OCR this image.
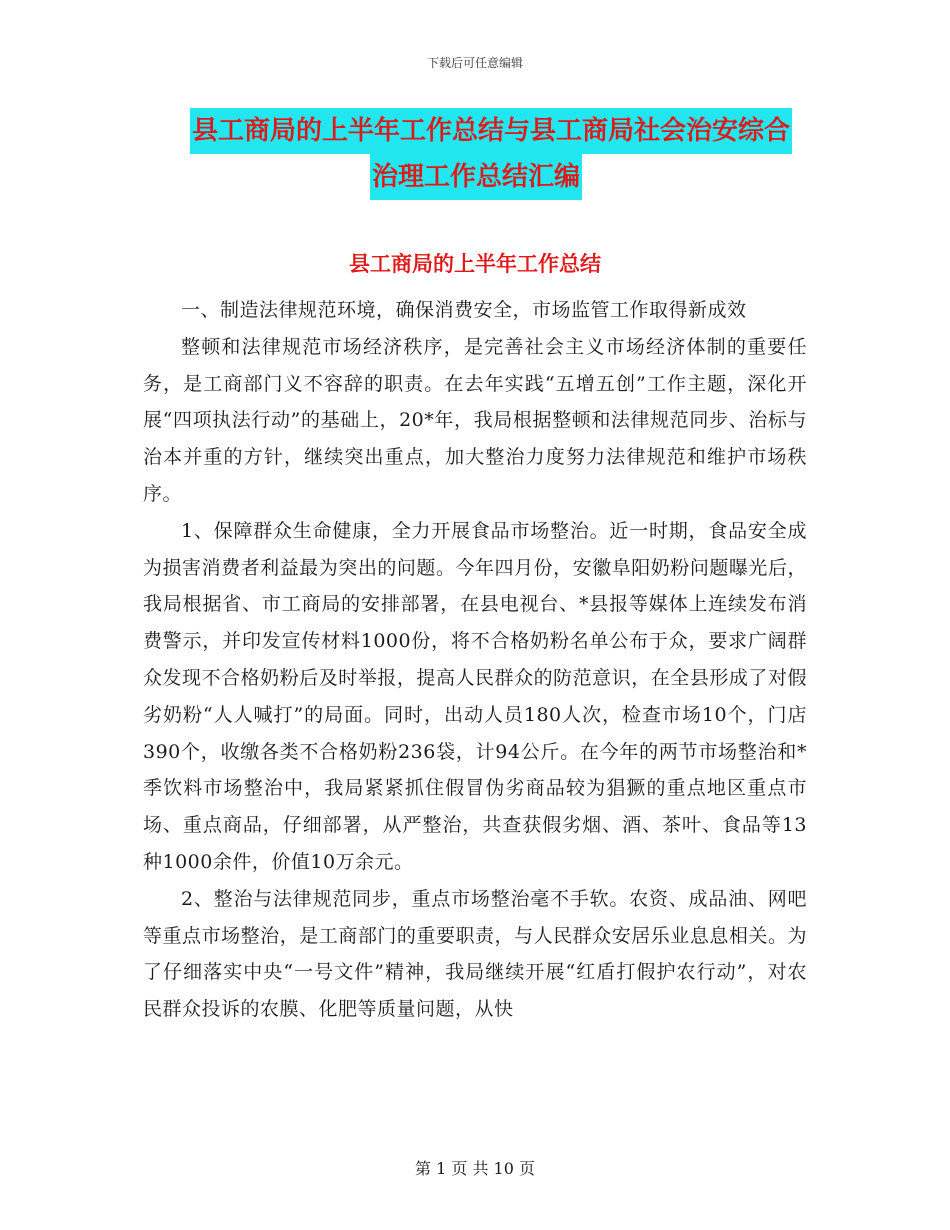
下载后可任意编辑
县工商局的上半年工作总结与县工商局社会治安综合
治理工作总结汇编
县工商局的上半年工作总结

一、制造法律规范环境，确保消费安全，市场监管工作取得新成效

整顿和法律规范市场经济秩序，是完善社会主义市场经济体制的重要任务，是工商部门义不容辞的职责。在去年实践“五增五创”工作主题，深化开展“四项执法行动”的基础上，20*年，我局根据整顿和法律规范同步、治标与治本并重的方针，继续突出重点，加大整治力度努力法律规范和维护市场秩序。

1、保障群众生命健康，全力开展食品市场整治。近一时期，食品安全成为损害消费者利益最为突出的问题。今年四月份，安徽阜阳奶粉问题曝光后，我局根据省、市工商局的安排部署，在县电视台、*县报等媒体上连续发布消费警示，并印发宣传材料1000份，将不合格奶粉名单公布于众，要求广阔群众发现不合格奶粉后及时举报，提高人民群众的防范意识，在全县形成了对假劣奶粉“人人喊打”的局面。同时，出动人员180人次，检查市场10个，门店390个，收缴各类不合格奶粉236袋，计94公斤。在今年的两节市场整治和*季饮料市场整治中，我局紧紧抓住假冒伪劣商品较为猖獗的重点地区重点市场、重点商品，仔细部署，从严整治，共查获假劣烟、酒、茶叶、食品等13种1000余件，价值10万余元。

2、整治与法律规范同步，重点市场整治毫不手软。农资、成品油、网吧等重点市场整治，是工商部门的重要职责，与人民群众安居乐业息息相关。为了仔细落实中央“一号文件”精神，我局继续开展“红盾打假护农行动”，对农民群众投诉的农膜、化肥等质量问题，从快

第 1 页 共 10 页
